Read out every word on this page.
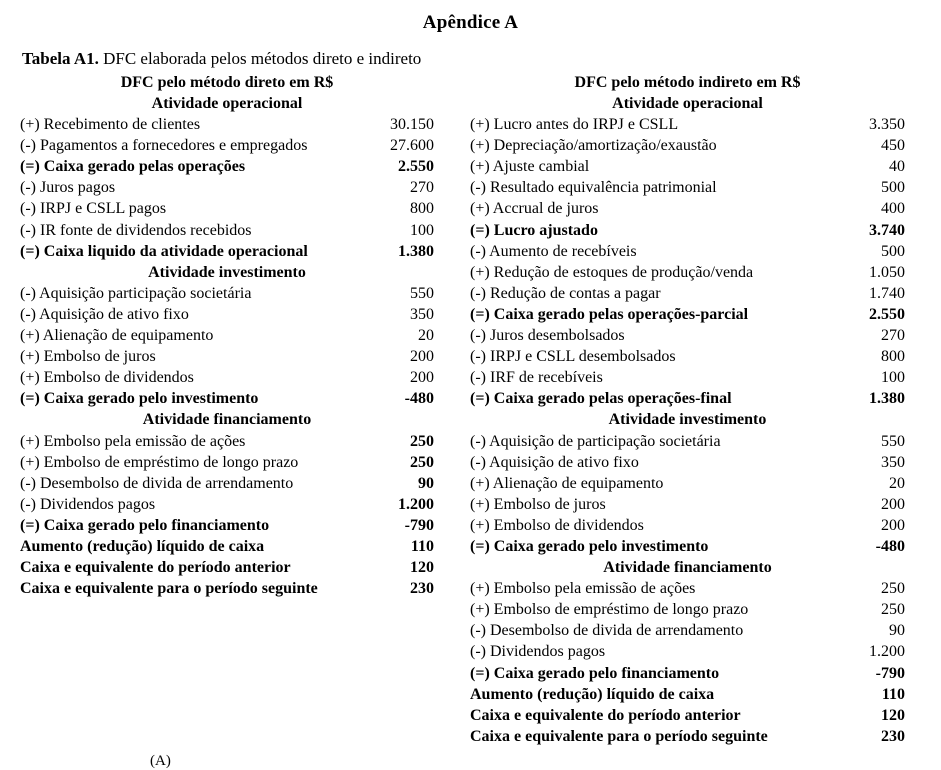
Apêndice A

Tabela A1. DFC elaborada pelos métodos direto e indireto

DFC pelo método direto em R$
Atividade operacional
(+) Recebimento de clientes	30.150
(-) Pagamentos a fornecedores e empregados	27.600
(=) Caixa gerado pelas operações	2.550
(-) Juros pagos	270
(-) IRPJ e CSLL pagos	800
(-) IR fonte de dividendos recebidos	100
(=) Caixa liquido da atividade operacional	1.380
Atividade investimento
(-) Aquisição participação societária	550
(-) Aquisição de ativo fixo	350
(+) Alienação de equipamento	20
(+) Embolso de juros	200
(+) Embolso de dividendos	200
(=) Caixa gerado pelo investimento	-480
Atividade financiamento
(+) Embolso pela emissão de ações	250
(+) Embolso de empréstimo de longo prazo	250
(-) Desembolso de divida de arrendamento	90
(-) Dividendos pagos	1.200
(=) Caixa gerado pelo financiamento	-790
Aumento (redução) líquido de caixa	110
Caixa e equivalente do período anterior	120
Caixa e equivalente para o período seguinte	230
DFC pelo método indireto em R$
Atividade operacional
(+) Lucro antes do IRPJ e CSLL	3.350
(+) Depreciação/amortização/exaustão	450
(+) Ajuste cambial	40
(-) Resultado equivalência patrimonial	500
(+) Accrual de juros	400
(=) Lucro ajustado	3.740
(-) Aumento de recebíveis	500
(+) Redução de estoques de produção/venda	1.050
(-) Redução de contas a pagar	1.740
(=) Caixa gerado pelas operações-parcial	2.550
(-) Juros desembolsados	270
(-) IRPJ e CSLL desembolsados	800
(-) IRF de recebíveis	100
(=) Caixa gerado pelas operações-final	1.380
Atividade investimento
(-) Aquisição de participação societária	550
(-) Aquisição de ativo fixo	350
(+) Alienação de equipamento	20
(+) Embolso de juros	200
(+) Embolso de dividendos	200
(=) Caixa gerado pelo investimento	-480
Atividade financiamento
(+) Embolso pela emissão de ações	250
(+) Embolso de empréstimo de longo prazo	250
(-) Desembolso de divida de arrendamento	90
(-) Dividendos pagos	1.200
(=) Caixa gerado pelo financiamento	-790
Aumento (redução) líquido de caixa	110
Caixa e equivalente do período anterior	120
Caixa e equivalente para o período seguinte	230
(A)
